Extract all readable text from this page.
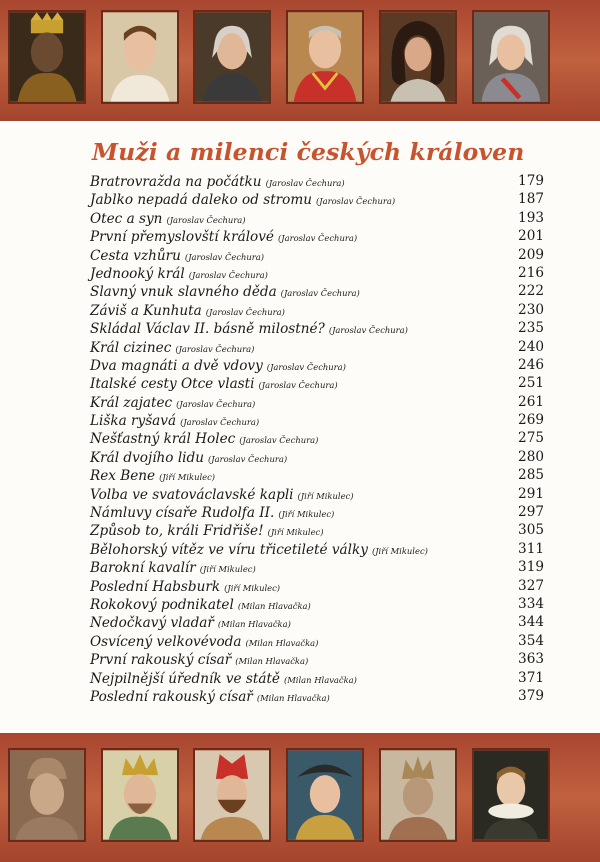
Muži a milenci českých královen
Bratrovražda na počátku (Jaroslav Čechura)	179
Jablko nepadá daleko od stromu (Jaroslav Čechura)	187
Otec a syn (Jaroslav Čechura)	193
První přemyslovští králové (Jaroslav Čechura)	201
Cesta vzhůru (Jaroslav Čechura)	209
Jednooký král (Jaroslav Čechura)	216
Slavný vnuk slavného děda (Jaroslav Čechura)	222
Záviš a Kunhuta (Jaroslav Čechura)	230
Skládal Václav II. básně milostné? (Jaroslav Čechura)	235
Král cizinec (Jaroslav Čechura)	240
Dva magnáti a dvě vdovy (Jaroslav Čechura)	246
Italské cesty Otce vlasti (Jaroslav Čechura)	251
Král zajatec (Jaroslav Čechura)	261
Liška ryšavá (Jaroslav Čechura)	269
Nešťastný král Holec (Jaroslav Čechura)	275
Král dvojího lidu (Jaroslav Čechura)	280
Rex Bene (Jiří Mikulec)	285
Volba ve svatováclavské kapli (Jiří Mikulec)	291
Námluvy císaře Rudolfa II. (Jiří Mikulec)	297
Způsob to, králi Fridřiše! (Jiří Mikulec)	305
Bělohorský vítěz ve víru třicetileté války (Jiří Mikulec)	311
Barokní kavalír (Jiří Mikulec)	319
Poslední Habsburk (Jiří Mikulec)	327
Rokokový podnikatel (Milan Hlavačka)	334
Nedočkavý vladař (Milan Hlavačka)	344
Osvícený velkovévoda (Milan Hlavačka)	354
První rakouský císař (Milan Hlavačka)	363
Nejpilnější úředník ve státě (Milan Hlavačka)	371
Poslední rakouský císař (Milan Hlavačka)	379
